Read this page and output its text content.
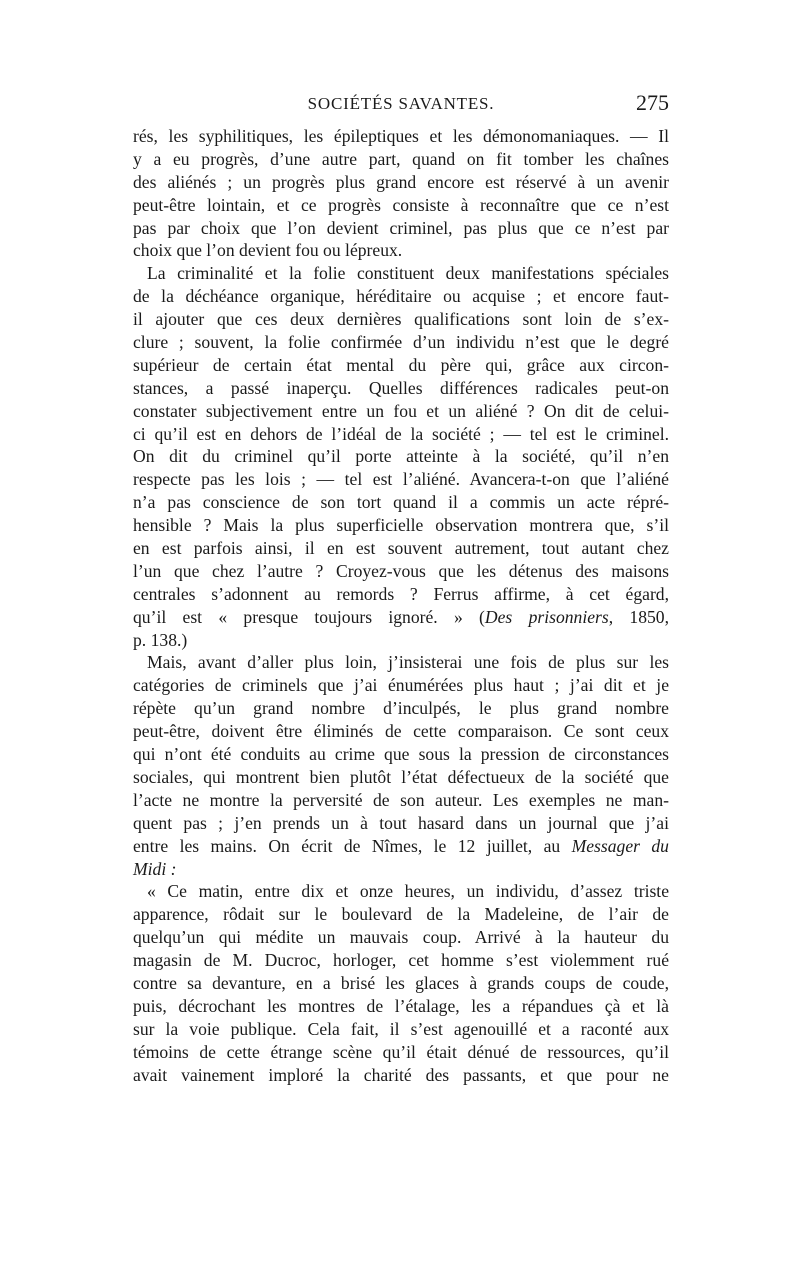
SOCIÉTÉS SAVANTES.	275
rés, les syphilitiques, les épileptiques et les démonomaniaques. — Il
y a eu progrès, d’une autre part, quand on fit tomber les chaînes
des aliénés ; un progrès plus grand encore est réservé à un avenir
peut-être lointain, et ce progrès consiste à reconnaître que ce n’est
pas par choix que l’on devient criminel, pas plus que ce n’est par
choix que l’on devient fou ou lépreux.
La criminalité et la folie constituent deux manifestations spéciales
de la déchéance organique, héréditaire ou acquise ; et encore faut-
il ajouter que ces deux dernières qualifications sont loin de s’ex-
clure ; souvent, la folie confirmée d’un individu n’est que le degré
supérieur de certain état mental du père qui, grâce aux circon-
stances, a passé inaperçu. Quelles différences radicales peut-on
constater subjectivement entre un fou et un aliéné ? On dit de celui-
ci qu’il est en dehors de l’idéal de la société ; — tel est le criminel.
On dit du criminel qu’il porte atteinte à la société, qu’il n’en
respecte pas les lois ; — tel est l’aliéné. Avancera-t-on que l’aliéné
n’a pas conscience de son tort quand il a commis un acte répré-
hensible ? Mais la plus superficielle observation montrera que, s’il
en est parfois ainsi, il en est souvent autrement, tout autant chez
l’un que chez l’autre ? Croyez-vous que les détenus des maisons
centrales s’adonnent au remords ? Ferrus affirme, à cet égard,
qu’il est « presque toujours ignoré. » (Des prisonniers, 1850,
p. 138.)
Mais, avant d’aller plus loin, j’insisterai une fois de plus sur les
catégories de criminels que j’ai énumérées plus haut ; j’ai dit et je
répète qu’un grand nombre d’inculpés, le plus grand nombre
peut-être, doivent être éliminés de cette comparaison. Ce sont ceux
qui n’ont été conduits au crime que sous la pression de circonstances
sociales, qui montrent bien plutôt l’état défectueux de la société que
l’acte ne montre la perversité de son auteur. Les exemples ne man-
quent pas ; j’en prends un à tout hasard dans un journal que j’ai
entre les mains. On écrit de Nîmes, le 12 juillet, au Messager du
Midi :
« Ce matin, entre dix et onze heures, un individu, d’assez triste
apparence, rôdait sur le boulevard de la Madeleine, de l’air de
quelqu’un qui médite un mauvais coup. Arrivé à la hauteur du
magasin de M. Ducroc, horloger, cet homme s’est violemment rué
contre sa devanture, en a brisé les glaces à grands coups de coude,
puis, décrochant les montres de l’étalage, les a répandues çà et là
sur la voie publique. Cela fait, il s’est agenouillé et a raconté aux
témoins de cette étrange scène qu’il était dénué de ressources, qu’il
avait vainement imploré la charité des passants, et que pour ne
